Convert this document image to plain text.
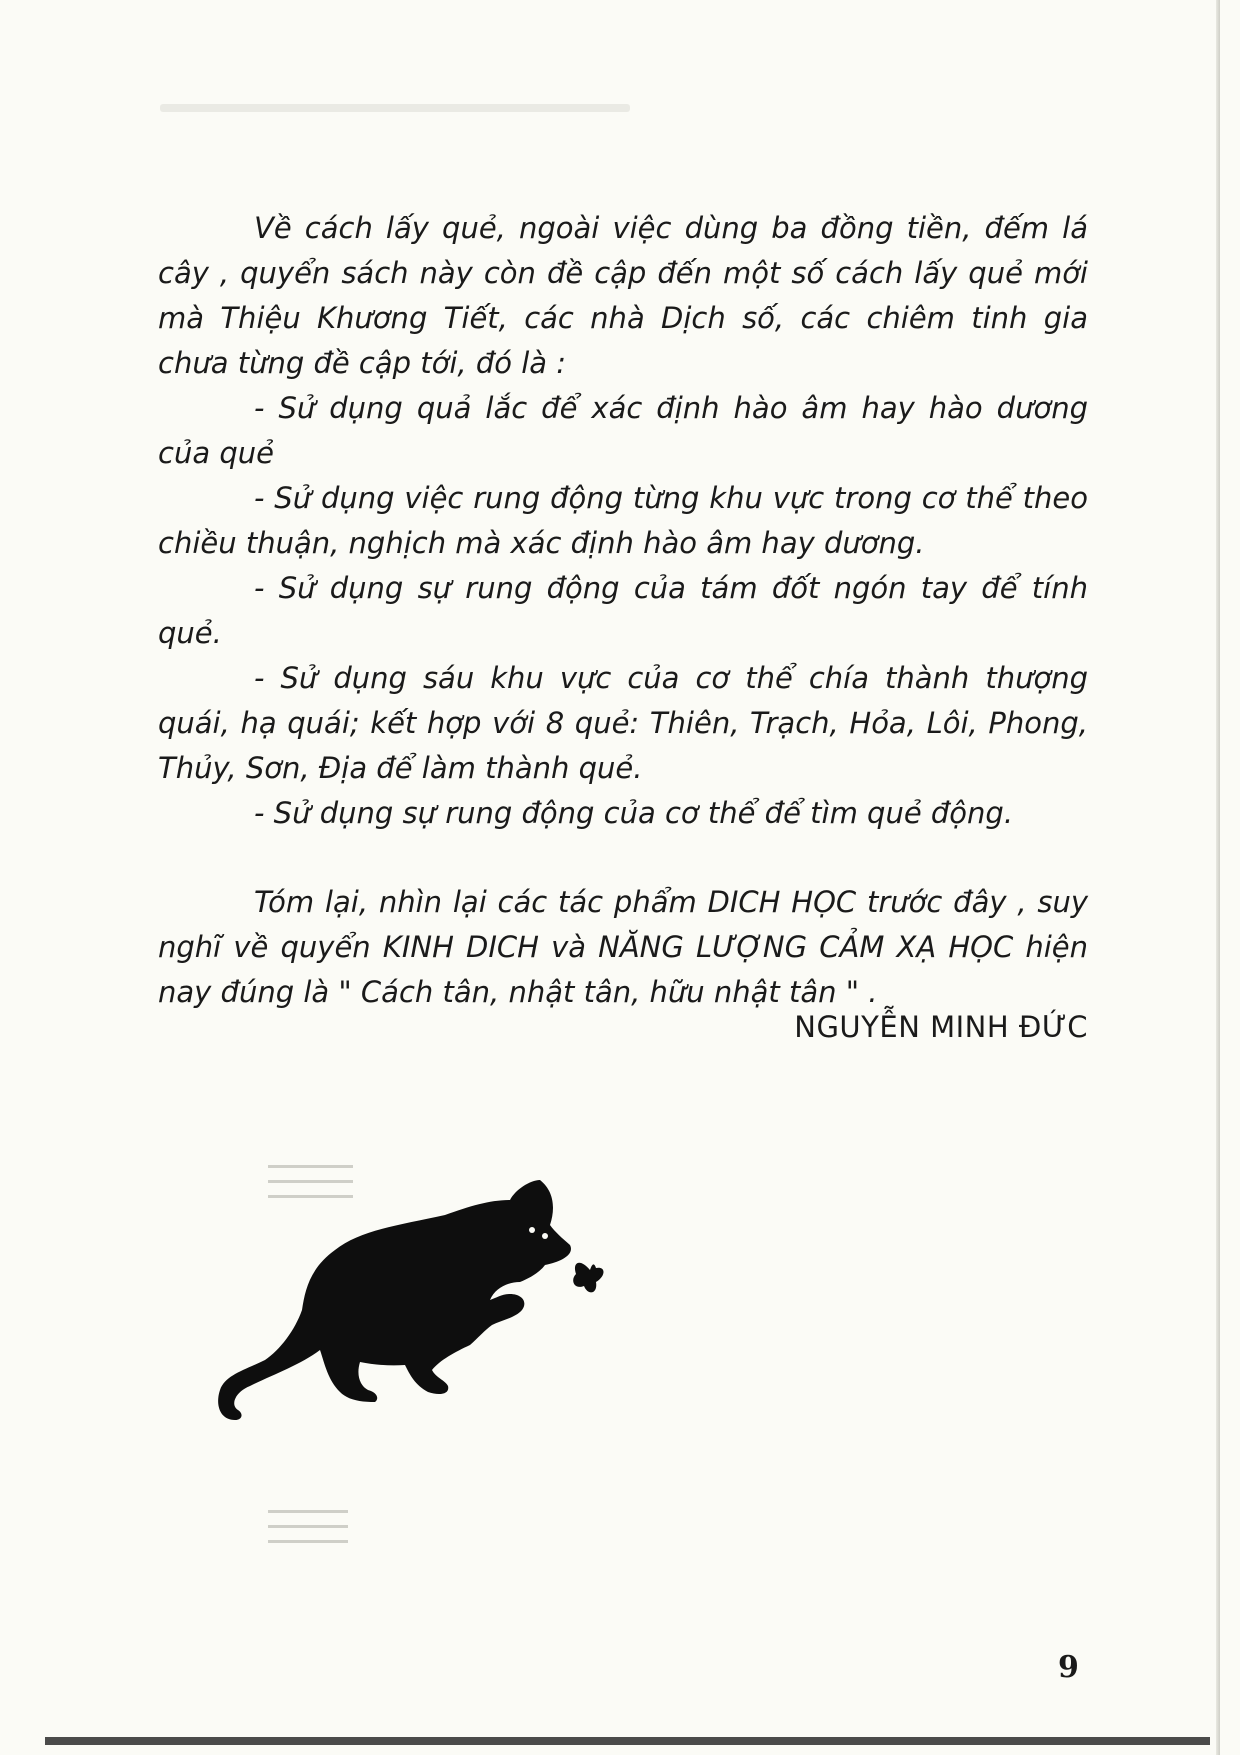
Về cách lấy quẻ, ngoài việc dùng ba đồng tiền, đếm lá cây , quyển sách này còn đề cập đến một số cách lấy quẻ mới mà Thiệu Khương Tiết, các nhà Dịch số, các chiêm tinh gia chưa từng đề cập tới, đó là :

- Sử dụng quả lắc để xác định hào âm hay hào dương của quẻ

- Sử dụng việc rung động từng khu vực trong cơ thể theo chiều thuận, nghịch mà xác định hào âm hay dương.

- Sử dụng sự rung động của tám đốt ngón tay để tính quẻ.

- Sử dụng sáu khu vực của cơ thể chía thành thượng quái, hạ quái; kết hợp với 8 quẻ: Thiên, Trạch, Hỏa, Lôi, Phong, Thủy, Sơn, Địa để làm thành quẻ.

- Sử dụng sự rung động của cơ thể để tìm quẻ động.

Tóm lại, nhìn lại các tác phẩm DICH HỌC trước đây , suy nghĩ về quyển KINH DICH và NĂNG LƯỢNG CẢM XẠ HỌC hiện nay đúng là " Cách tân, nhật tân, hữu nhật tân " .

NGUYỄN MINH ĐỨC
9
